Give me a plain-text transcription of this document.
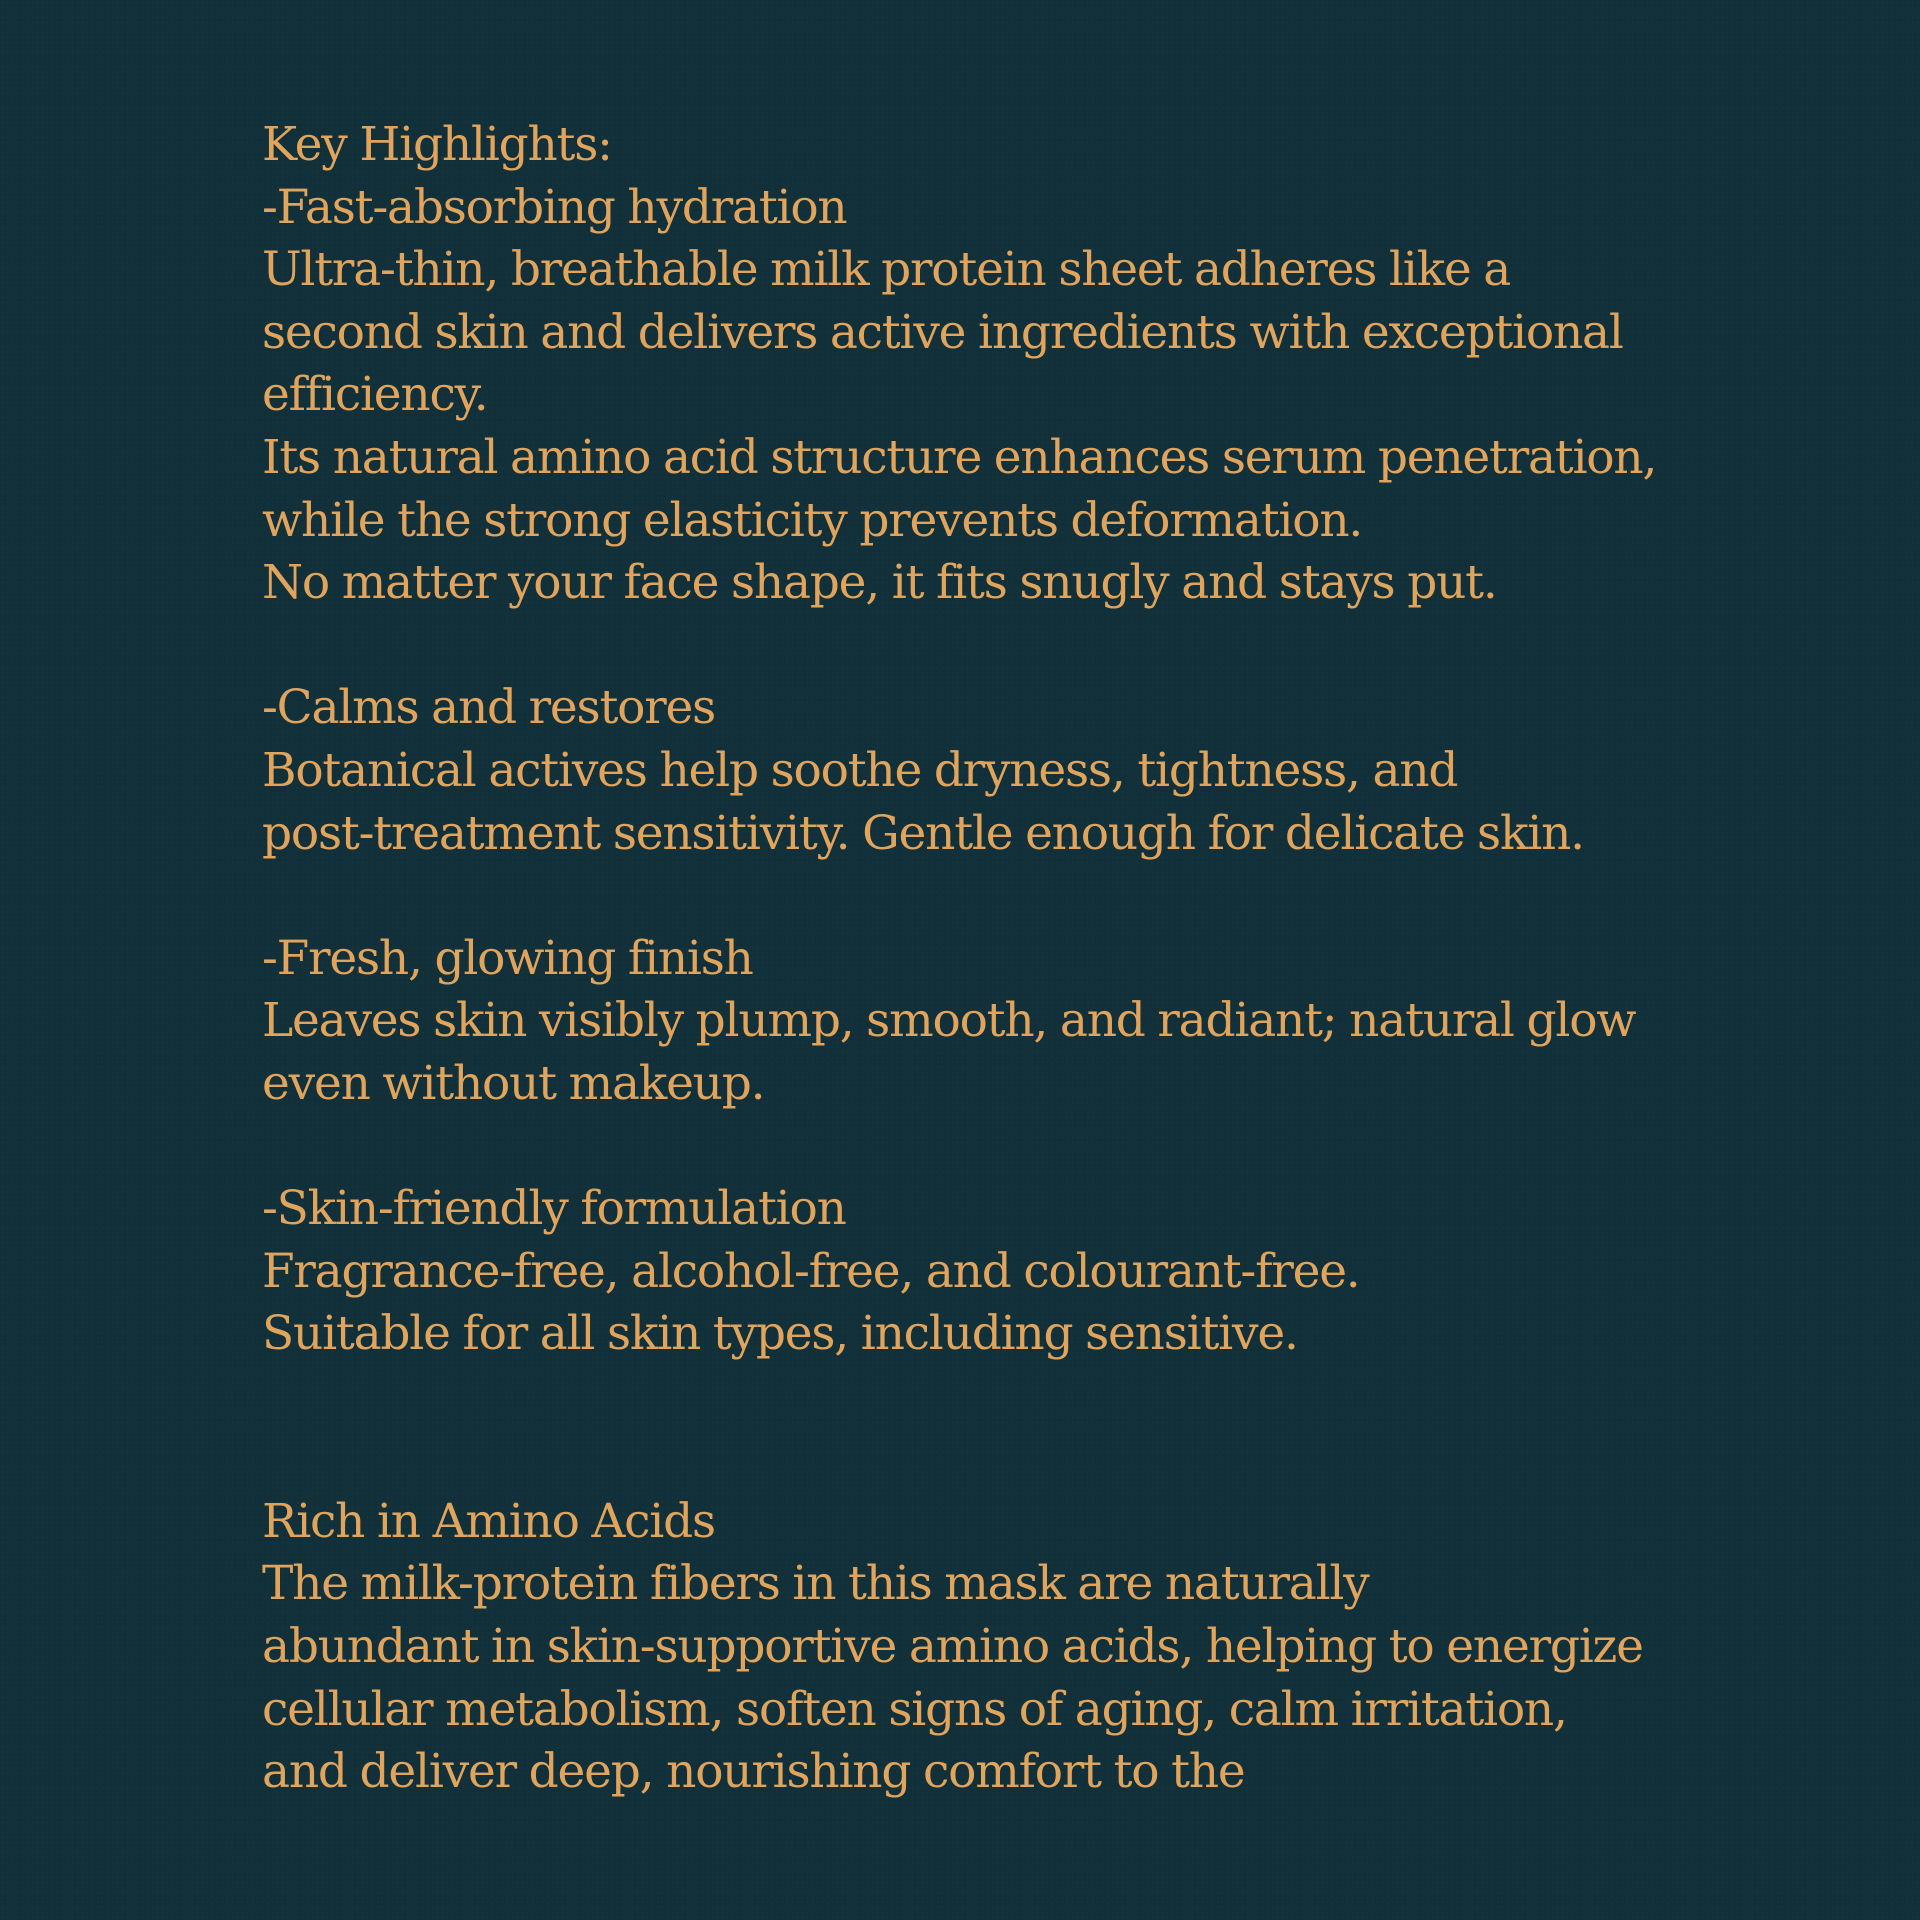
Key Highlights:
-Fast-absorbing hydration
Ultra-thin, breathable milk protein sheet adheres like a
second skin and delivers active ingredients with exceptional
efficiency.
Its natural amino acid structure enhances serum penetration,
while the strong elasticity prevents deformation.
No matter your face shape, it fits snugly and stays put.
-Calms and restores
Botanical actives help soothe dryness, tightness, and
post-treatment sensitivity. Gentle enough for delicate skin.
-Fresh, glowing finish
Leaves skin visibly plump, smooth, and radiant; natural glow
even without makeup.
-Skin-friendly formulation
Fragrance-free, alcohol-free, and colourant-free.
Suitable for all skin types, including sensitive.
Rich in Amino Acids
The milk-protein fibers in this mask are naturally
abundant in skin-supportive amino acids, helping to energize
cellular metabolism, soften signs of aging, calm irritation,
and deliver deep, nourishing comfort to the
